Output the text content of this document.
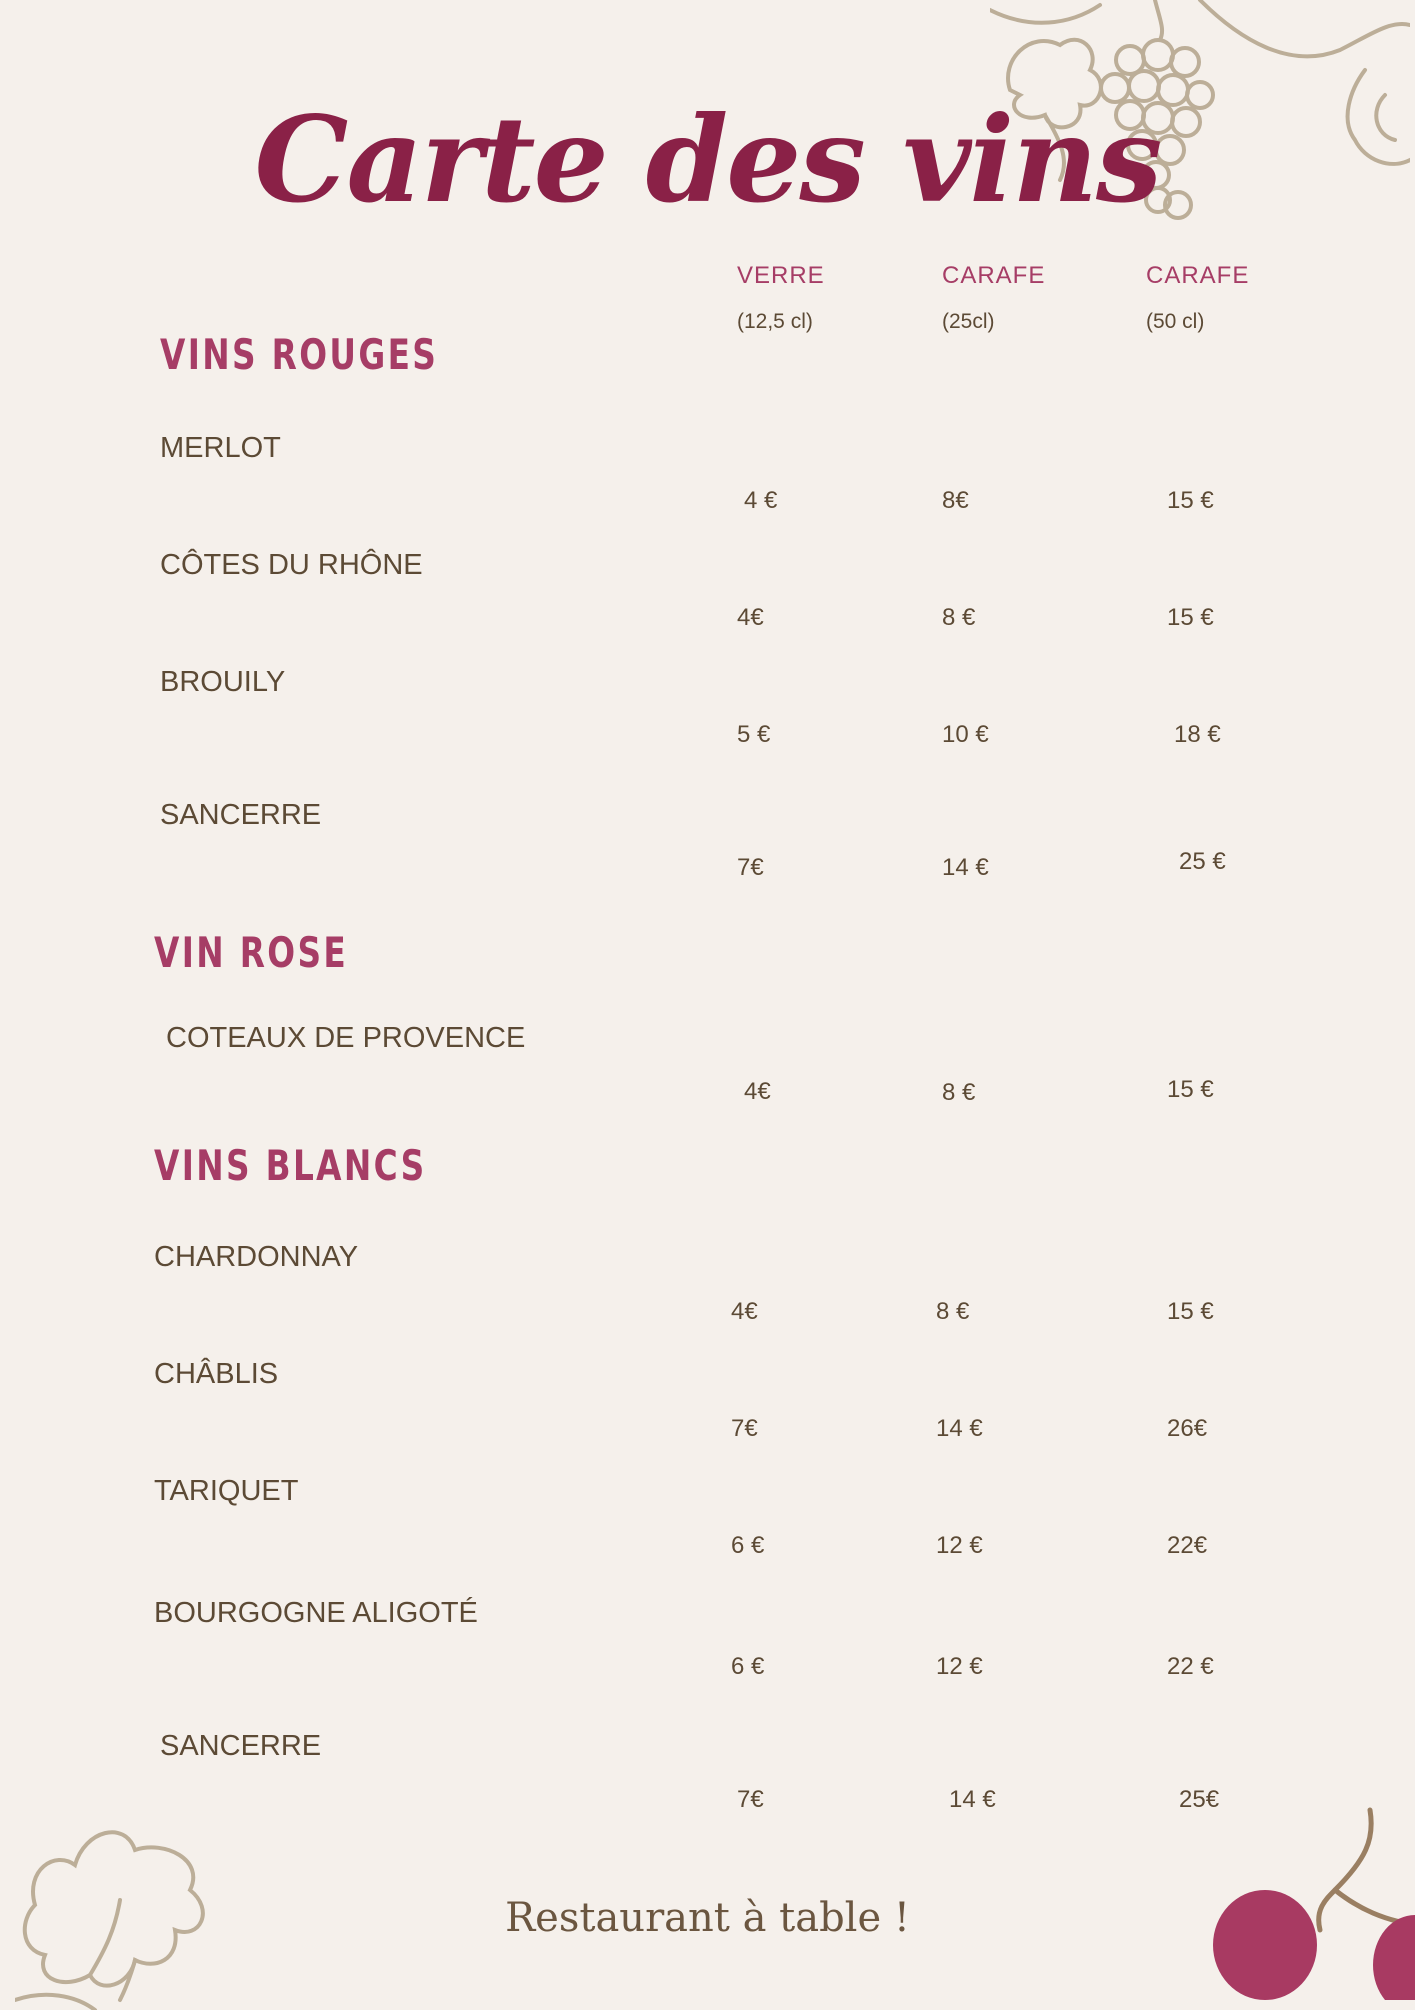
Carte des vins
VERRE
(12,5 cl)
CARAFE
(25cl)
CARAFE
(50 cl)
VINS ROUGES
MERLOT
4 €	8€	15 €
CÔTES DU RHÔNE
4€	8 €	15 €
BROUILY
5 €	10 €	18 €
SANCERRE
7€	14 €	25 €
VIN ROSE
COTEAUX DE PROVENCE
4€	8 €	15 €
VINS BLANCS
CHARDONNAY
4€	8 €	15 €
CHÂBLIS
7€	14 €	26€
TARIQUET
6 €	12 €	22€
BOURGOGNE ALIGOTÉ
6 €	12 €	22 €
SANCERRE
7€	14 €	25€
Restaurant à table !
